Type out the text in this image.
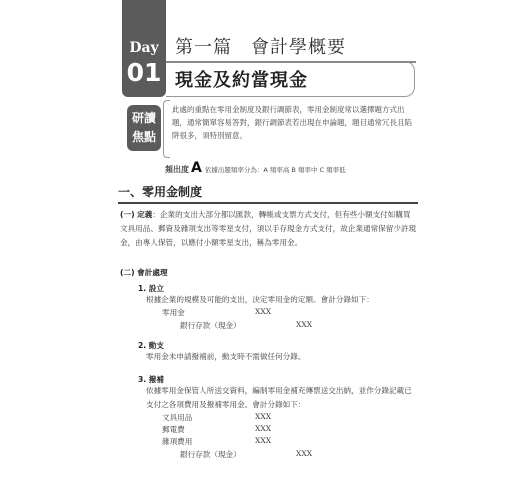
Day
01
第一篇　會計學概要
現金及約當現金
研讀
焦點
此處的重點在零用金制度及銀行調節表，零用金制度常以選擇題方式出題，通常簡單容易答對，銀行調節表若出現在申論題，題目通常冗長且陷阱很多，須特別留意。
頻出度 A 依據出題頻率分為：A 頻率高 B 頻率中 C 頻率低
一、零用金制度
(一) 定義：企業的支出大部分都以匯款，轉帳或支票方式支付，但有些小額支付如購買文具用品、郵資及雜項支出等零星支付，須以手存現金方式支付，故企業通常保留少許現金，由專人保管，以應付小額零星支出，稱為零用金。
(二) 會計處理
1. 設立
根據企業的規模及可能的支出，決定零用金的定額。會計分錄如下：
零用金	XXX
銀行存款（現金）	XXX
2. 動支
零用金未申請撥補前，動支時不需做任何分錄。
3. 撥補
依據零用金保管人所送交資料，編制零用金補充傳票送交出納，並作分錄記載已支付之各項費用及撥補零用金。會計分錄如下：
文具用品	XXX
郵電費	XXX
雜項費用	XXX
銀行存款（現金）	XXX
